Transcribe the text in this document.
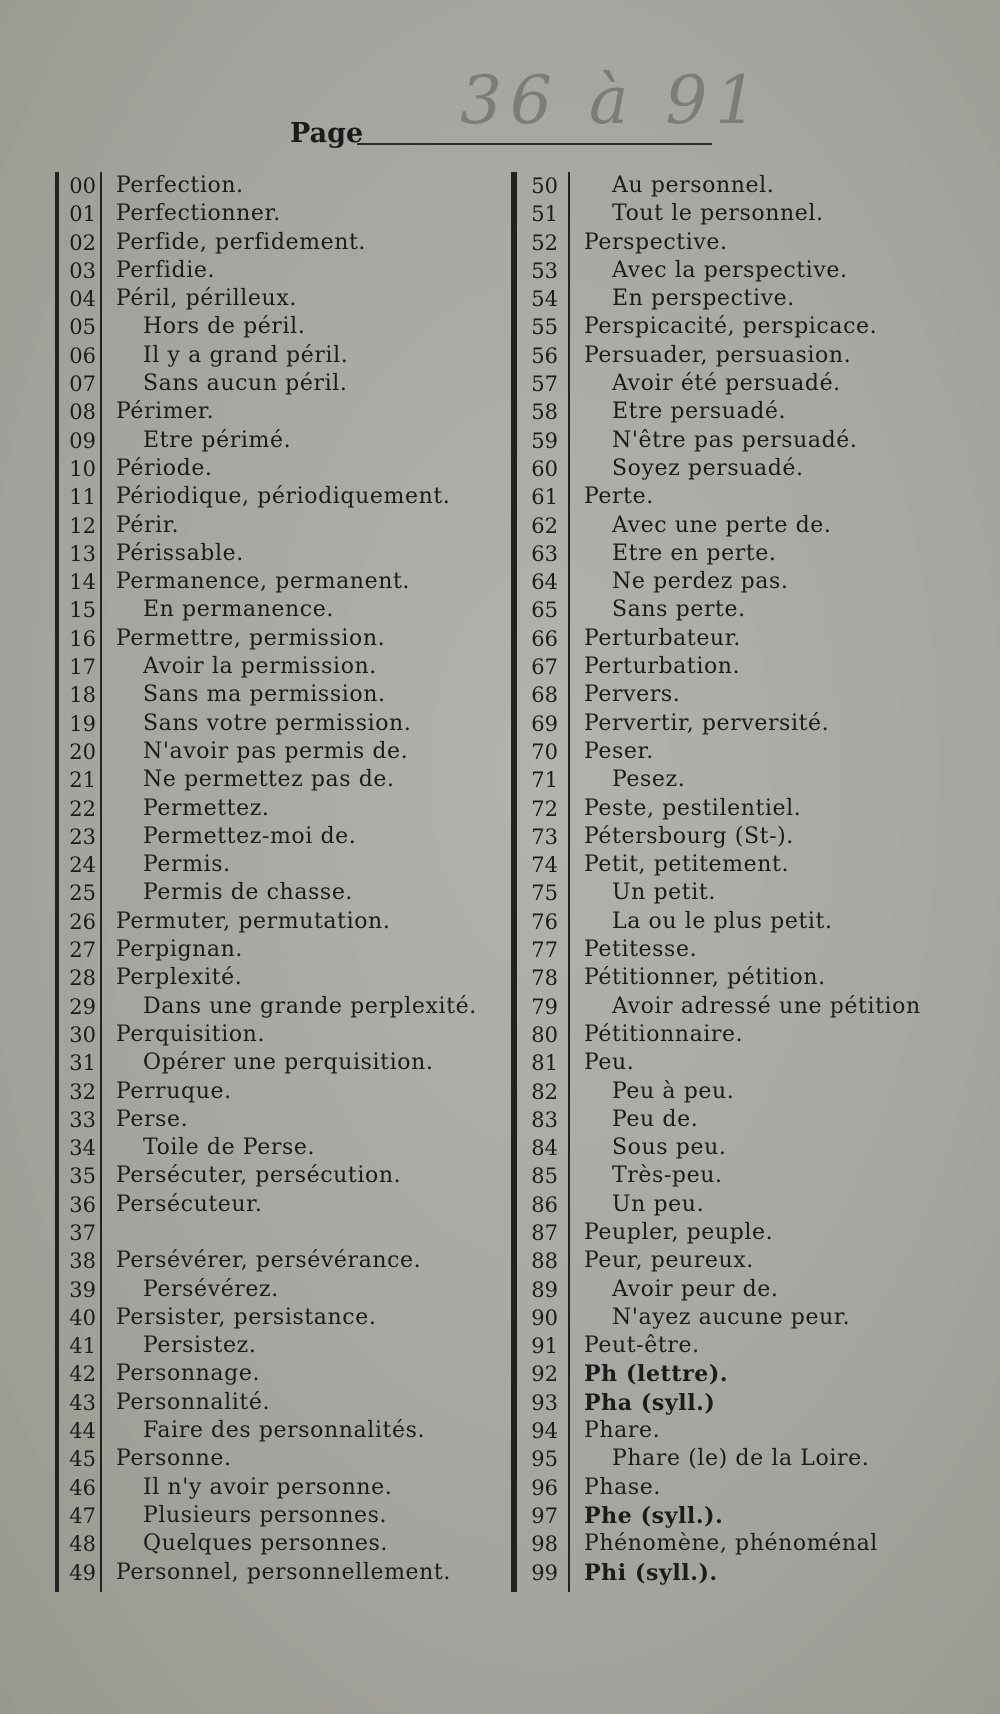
36 à 91
Page
00 Perfection.
01 Perfectionner.
02 Perfide, perfidement.
03 Perfidie.
04 Péril, périlleux.
05 Hors de péril.
06 Il y a grand péril.
07 Sans aucun péril.
08 Périmer.
09 Etre périmé.
10 Période.
11 Périodique, périodiquement.
12 Périr.
13 Périssable.
14 Permanence, permanent.
15 En permanence.
16 Permettre, permission.
17 Avoir la permission.
18 Sans ma permission.
19 Sans votre permission.
20 N'avoir pas permis de.
21 Ne permettez pas de.
22 Permettez.
23 Permettez-moi de.
24 Permis.
25 Permis de chasse.
26 Permuter, permutation.
27 Perpignan.
28 Perplexité.
29 Dans une grande perplexité.
30 Perquisition.
31 Opérer une perquisition.
32 Perruque.
33 Perse.
34 Toile de Perse.
35 Persécuter, persécution.
36 Persécuteur.
37
38 Persévérer, persévérance.
39 Persévérez.
40 Persister, persistance.
41 Persistez.
42 Personnage.
43 Personnalité.
44 Faire des personnalités.
45 Personne.
46 Il n'y avoir personne.
47 Plusieurs personnes.
48 Quelques personnes.
49 Personnel, personnellement.
50 Au personnel.
51 Tout le personnel.
52 Perspective.
53 Avec la perspective.
54 En perspective.
55 Perspicacité, perspicace.
56 Persuader, persuasion.
57 Avoir été persuadé.
58 Etre persuadé.
59 N'être pas persuadé.
60 Soyez persuadé.
61 Perte.
62 Avec une perte de.
63 Etre en perte.
64 Ne perdez pas.
65 Sans perte.
66 Perturbateur.
67 Perturbation.
68 Pervers.
69 Pervertir, perversité.
70 Peser.
71 Pesez.
72 Peste, pestilentiel.
73 Pétersbourg (St-).
74 Petit, petitement.
75 Un petit.
76 La ou le plus petit.
77 Petitesse.
78 Pétitionner, pétition.
79 Avoir adressé une pétition
80 Pétitionnaire.
81 Peu.
82 Peu à peu.
83 Peu de.
84 Sous peu.
85 Très-peu.
86 Un peu.
87 Peupler, peuple.
88 Peur, peureux.
89 Avoir peur de.
90 N'ayez aucune peur.
91 Peut-être.
92 Ph (lettre).
93 Pha (syll.)
94 Phare.
95 Phare (le) de la Loire.
96 Phase.
97 Phe (syll.).
98 Phénomène, phénoménal
99 Phi (syll.).
